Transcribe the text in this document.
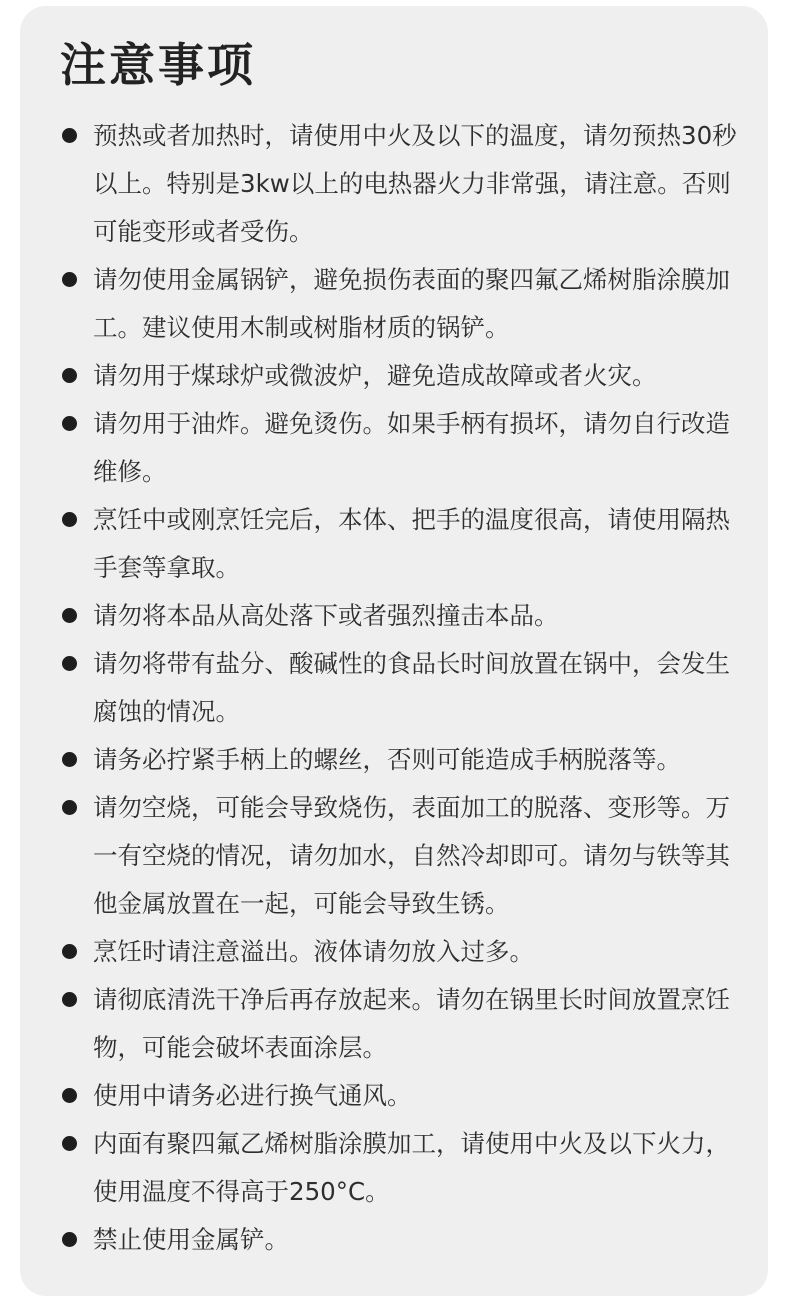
注意事项
预热或者加热时，请使用中火及以下的温度，请勿预热30秒以上。特别是3kw以上的电热器火力非常强，请注意。否则可能变形或者受伤。
请勿使用金属锅铲，避免损伤表面的聚四氟乙烯树脂涂膜加工。建议使用木制或树脂材质的锅铲。
请勿用于煤球炉或微波炉，避免造成故障或者火灾。
请勿用于油炸。避免烫伤。如果手柄有损坏，请勿自行改造维修。
烹饪中或刚烹饪完后，本体、把手的温度很高，请使用隔热手套等拿取。
请勿将本品从高处落下或者强烈撞击本品。
请勿将带有盐分、酸碱性的食品长时间放置在锅中，会发生腐蚀的情况。
请务必拧紧手柄上的螺丝，否则可能造成手柄脱落等。
请勿空烧，可能会导致烧伤，表面加工的脱落、变形等。万一有空烧的情况，请勿加水，自然冷却即可。请勿与铁等其他金属放置在一起，可能会导致生锈。
烹饪时请注意溢出。液体请勿放入过多。
请彻底清洗干净后再存放起来。请勿在锅里长时间放置烹饪物，可能会破坏表面涂层。
使用中请务必进行换气通风。
内面有聚四氟乙烯树脂涂膜加工，请使用中火及以下火力，使用温度不得高于250°C。
禁止使用金属铲。
